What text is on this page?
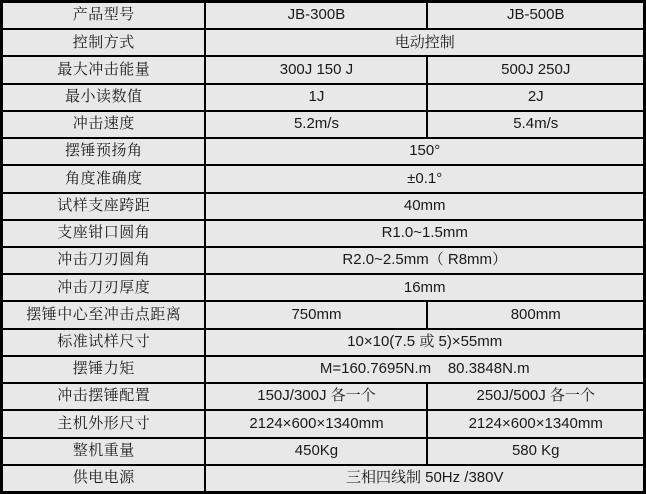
产品型号	JB-300B	JB-500B
控制方式	电动控制	
最大冲击能量	300J 150 J	500J 250J
最小读数值	1J	2J
冲击速度	5.2m/s	5.4m/s
摆锤预扬角	150°	
角度准确度	±0.1°	
试样支座跨距	40mm	
支座钳口圆角	R1.0~1.5mm	
冲击刀刃圆角	R2.0~2.5mm（ R8mm）	
冲击刀刃厚度	16mm	
摆锤中心至冲击点距离	750mm	800mm
标准试样尺寸	10×10(7.5 或 5)×55mm	
摆锤力矩	M=160.7695N.m    80.3848N.m	
冲击摆锤配置	150J/300J 各一个	250J/500J 各一个
主机外形尺寸	2124×600×1340mm	2124×600×1340mm
整机重量	450Kg	580 Kg
供电电源	三相四线制 50Hz /380V	
